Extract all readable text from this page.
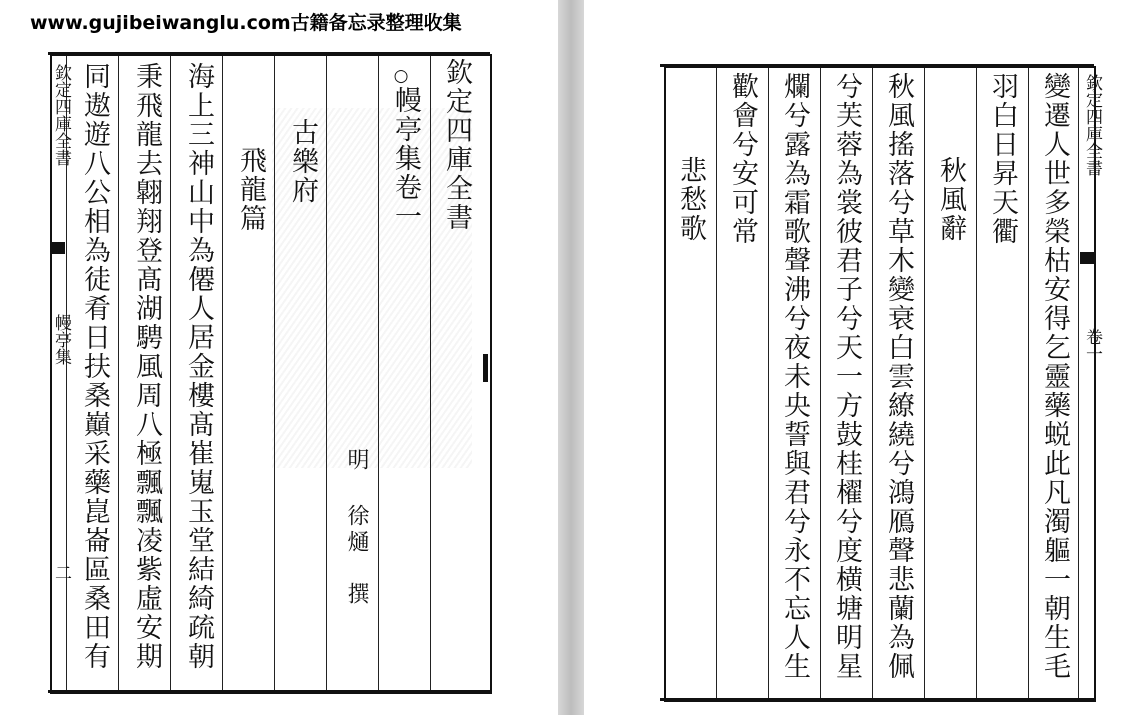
www.gujibeiwanglu.com古籍备忘录整理收集
欽定四庫全書
幔亭集
二
欽定四庫全書
幔亭集卷一
○
明
徐熥　撰
古樂府
飛龍篇
海上三神山中為僊人居金樓髙崔嵬玉堂結綺疏朝
秉飛龍去翺翔登髙湖騁風周八極飄飄凌紫虛安期
同遨遊八公相為徒肴日扶桑巔采藥崑崙區桑田有	欽定四庫全書
卷一
變遷人世多榮枯安得乞靈藥蜕此凡濁軀一朝生毛
羽白日昇天衢
秋風辭
秋風搖落兮草木變衰白雲繚繞兮鴻鴈聲悲蘭為佩
兮芙蓉為裳彼君子兮天一方鼓桂櫂兮度横塘明星
爛兮露為霜歌聲沸兮夜未央誓與君兮永不忘人生
歡會兮安可常
悲愁歌
